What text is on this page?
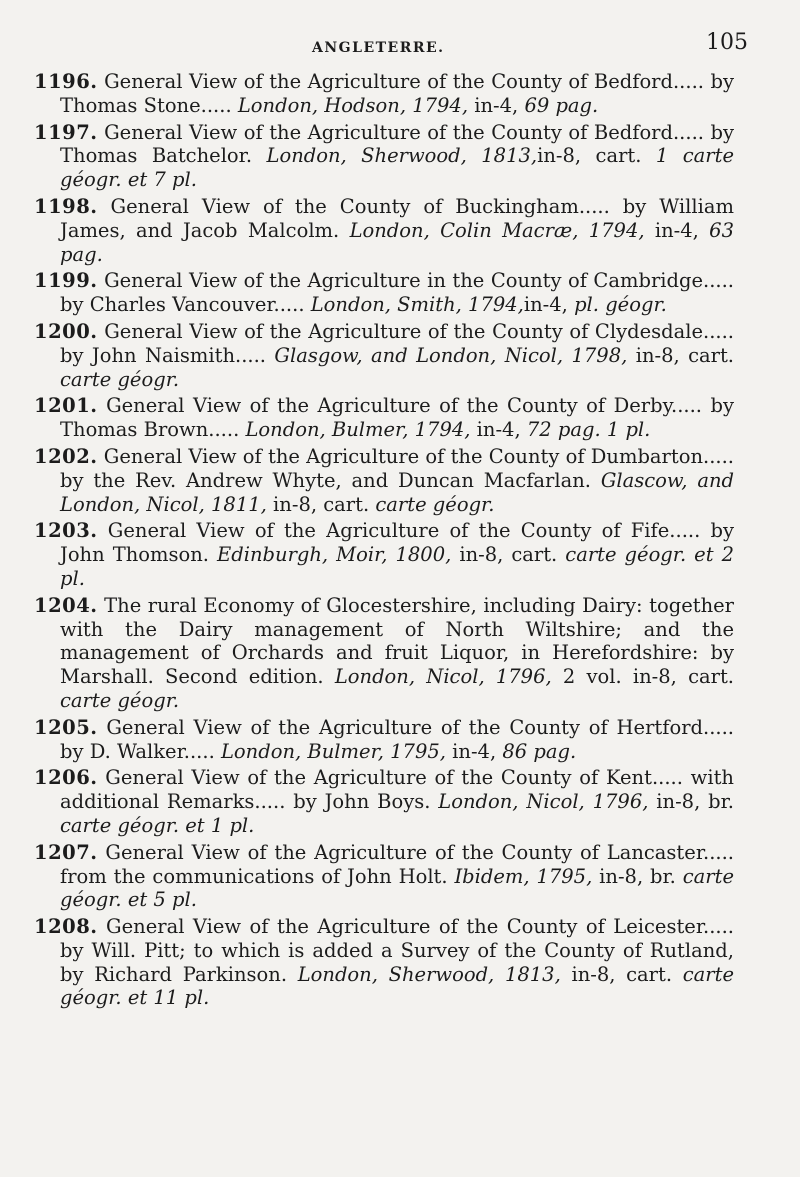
ANGLETERRE.	105

1196. General View of the Agriculture of the County of Bedford..... by Thomas Stone..... London, Hodson, 1794, in-4, 69 pag.

1197. General View of the Agriculture of the County of Bedford..... by Thomas Batchelor. London, Sherwood, 1813,in-8, cart. 1 carte géogr. et 7 pl.

1198. General View of the County of Buckingham..... by William James, and Jacob Malcolm. London, Colin Macræ, 1794, in-4, 63 pag.

1199. General View of the Agriculture in the County of Cambridge..... by Charles Vancouver..... London, Smith, 1794,in-4, pl. géogr.

1200. General View of the Agriculture of the County of Clydesdale..... by John Naismith..... Glasgow, and London, Nicol, 1798, in-8, cart. carte géogr.

1201. General View of the Agriculture of the County of Derby..... by Thomas Brown..... London, Bulmer, 1794, in-4, 72 pag. 1 pl.

1202. General View of the Agriculture of the County of Dumbarton..... by the Rev. Andrew Whyte, and Duncan Macfarlan. Glascow, and London, Nicol, 1811, in-8, cart. carte géogr.

1203. General View of the Agriculture of the County of Fife..... by John Thomson. Edinburgh, Moir, 1800, in-8, cart. carte géogr. et 2 pl.

1204. The rural Economy of Glocestershire, including Dairy: together with the Dairy management of North Wiltshire; and the management of Orchards and fruit Liquor, in Herefordshire: by Marshall. Second edition. London, Nicol, 1796, 2 vol. in-8, cart. carte géogr.

1205. General View of the Agriculture of the County of Hertford..... by D. Walker..... London, Bulmer, 1795, in-4, 86 pag.

1206. General View of the Agriculture of the County of Kent..... with additional Remarks..... by John Boys. London, Nicol, 1796, in-8, br. carte géogr. et 1 pl.

1207. General View of the Agriculture of the County of Lancaster..... from the communications of John Holt. Ibidem, 1795, in-8, br. carte géogr. et 5 pl.

1208. General View of the Agriculture of the County of Leicester..... by Will. Pitt; to which is added a Survey of the County of Rutland, by Richard Parkinson. London, Sherwood, 1813, in-8, cart. carte géogr. et 11 pl.
